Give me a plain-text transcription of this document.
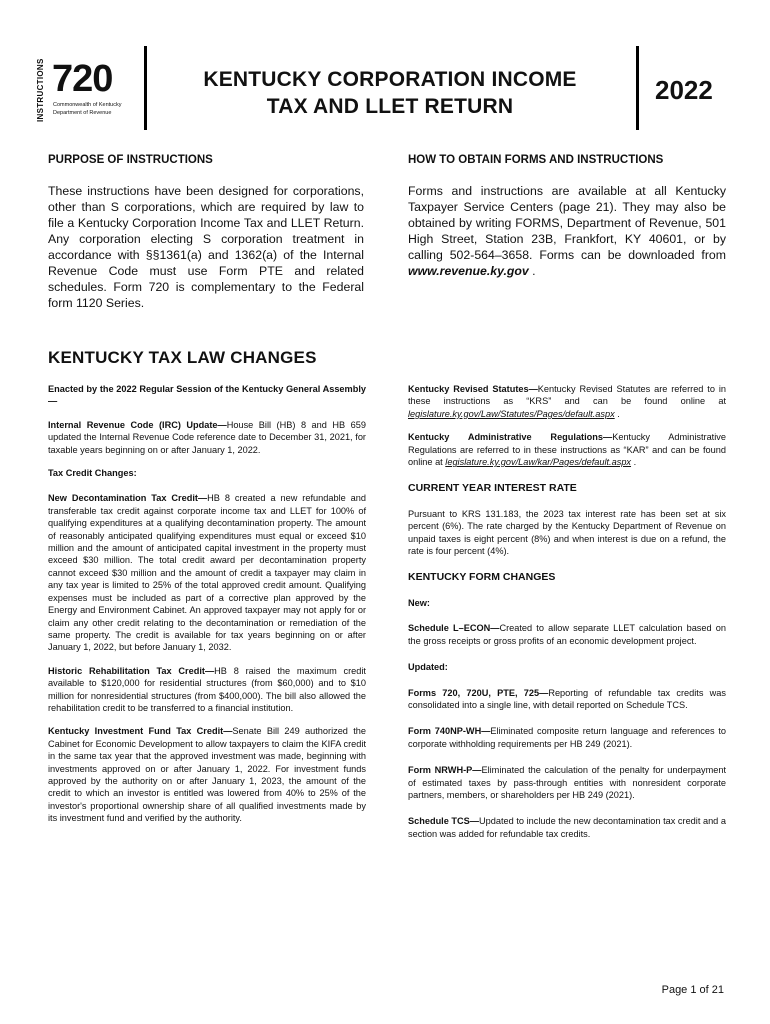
INSTRUCTIONS 720
Commonwealth of Kentucky
Department of Revenue
KENTUCKY CORPORATION INCOME
TAX AND LLET RETURN
2022
PURPOSE OF INSTRUCTIONS

These instructions have been designed for corporations, other than S corporations, which are required by law to file a Kentucky Corporation Income Tax and LLET Return. Any corporation electing S corporation treatment in accordance with §§1361(a) and 1362(a) of the Internal Revenue Code must use Form PTE and related schedules. Form 720 is complementary to the Federal form 1120 Series.

HOW TO OBTAIN FORMS AND INSTRUCTIONS

Forms and instructions are available at all Kentucky Taxpayer Service Centers (page 21). They may also be obtained by writing FORMS, Department of Revenue, 501 High Street, Station 23B, Frankfort, KY 40601, or by calling 502-564–3658. Forms can be downloaded from www.revenue.ky.gov .

KENTUCKY TAX LAW CHANGES

Enacted by the 2022 Regular Session of the Kentucky General Assembly—

Internal Revenue Code (IRC) Update—House Bill (HB) 8 and HB 659 updated the Internal Revenue Code reference date to December 31, 2021, for taxable years beginning on or after January 1, 2022.

Tax Credit Changes:

New Decontamination Tax Credit—HB 8 created a new refundable and transferable tax credit against corporate income tax and LLET for 100% of qualifying expenditures at a qualifying decontamination property. The amount of reasonably anticipated qualifying expenditures must equal or exceed $10 million and the amount of anticipated capital investment in the property must exceed $30 million. The total credit award per decontamination property cannot exceed $30 million and the amount of credit a taxpayer may claim in any tax year is limited to 25% of the total approved credit amount. Qualifying expenses must be included as part of a corrective plan approved by the Energy and Environment Cabinet. An approved taxpayer may not apply for or claim any other credit relating to the decontamination or remediation of the same property. The credit is available for tax years beginning on or after January 1, 2022, but before January 1, 2032.

Historic Rehabilitation Tax Credit—HB 8 raised the maximum credit available to $120,000 for residential structures (from $60,000) and to $10 million for nonresidential structures (from $400,000). The bill also allowed the rehabilitation credit to be transferred to a financial institution.

Kentucky Investment Fund Tax Credit—Senate Bill 249 authorized the Cabinet for Economic Development to allow taxpayers to claim the KIFA credit in the same tax year that the approved investment was made, beginning with investments approved on or after January 1, 2022. For investment funds approved by the authority on or after January 1, 2023, the amount of the credit to which an investor is entitled was lowered from 40% to 25% of the investor's proportional ownership share of all qualified investments made by its investment fund and verified by the authority.

Kentucky Revised Statutes—Kentucky Revised Statutes are referred to in these instructions as “KRS” and can be found online at legislature.ky.gov/Law/Statutes/Pages/default.aspx .

Kentucky Administrative Regulations—Kentucky Administrative Regulations are referred to in these instructions as “KAR” and can be found online at legislature.ky.gov/Law/kar/Pages/default.aspx .

CURRENT YEAR INTEREST RATE

Pursuant to KRS 131.183, the 2023 tax interest rate has been set at six percent (6%). The rate charged by the Kentucky Department of Revenue on unpaid taxes is eight percent (8%) and when interest is due on a refund, the rate is four percent (4%).

KENTUCKY FORM CHANGES

New:

Schedule L–ECON—Created to allow separate LLET calculation based on the gross receipts or gross profits of an economic development project.

Updated:

Forms 720, 720U, PTE, 725—Reporting of refundable tax credits was consolidated into a single line, with detail reported on Schedule TCS.

Form 740NP-WH—Eliminated composite return language and references to corporate withholding requirements per HB 249 (2021).

Form NRWH-P—Eliminated the calculation of the penalty for underpayment of estimated taxes by pass-through entities with nonresident corporate partners, members, or shareholders per HB 249 (2021).

Schedule TCS—Updated to include the new decontamination tax credit and a section was added for refundable tax credits.

Page 1 of 21
